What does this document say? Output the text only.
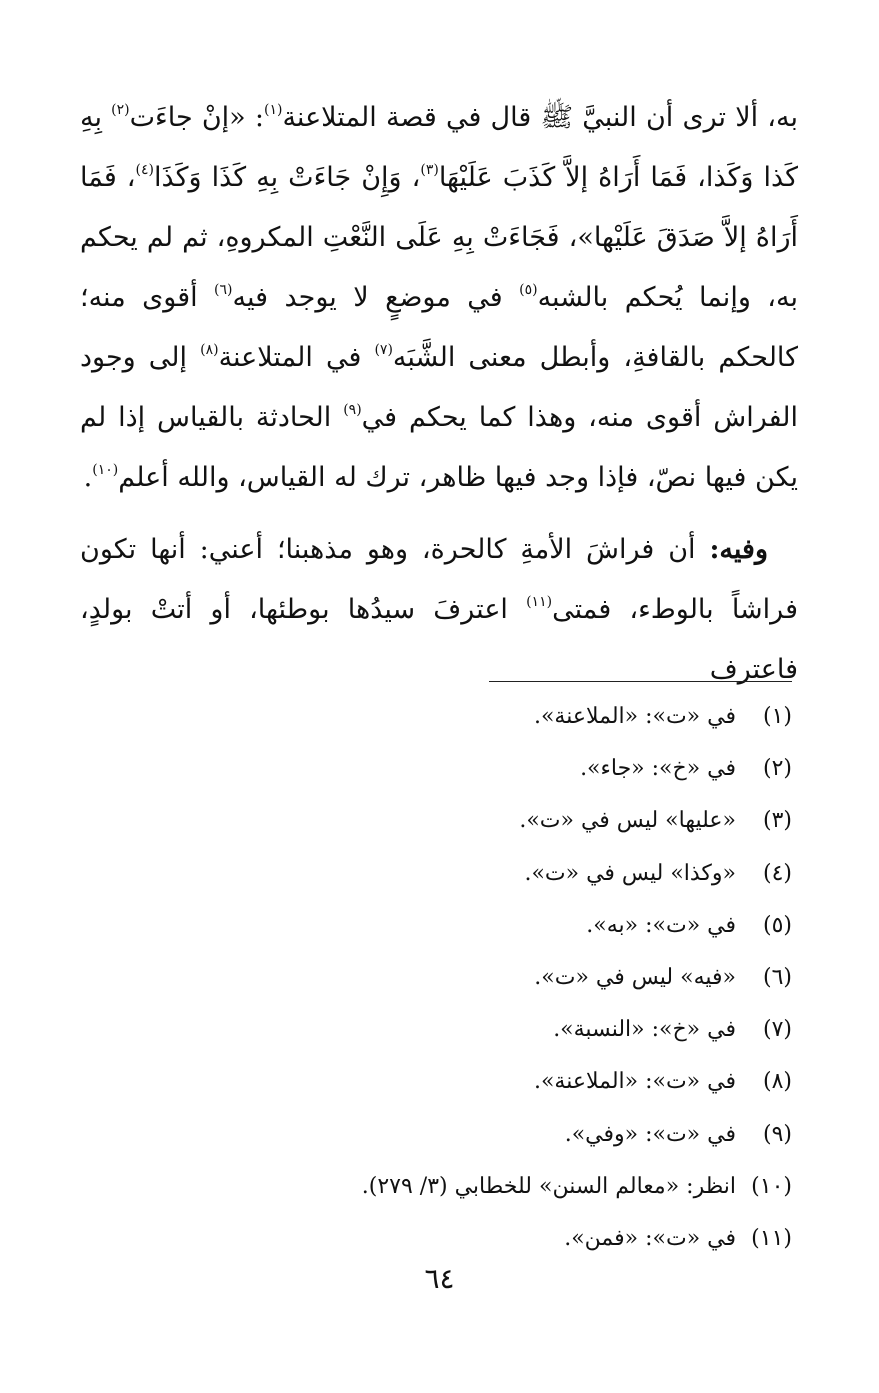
به، ألا ترى أن النبيَّ ﷺ قال في قصة المتلاعنة$^{(١)}$: «إنْ جاءَت$^{(٢)}$ بِهِ كَذا وَكَذا، فَمَا أَرَاهُ إلاَّ كَذَبَ عَلَيْهَا$^{(٣)}$، وَإِنْ جَاءَتْ بِهِ كَذَا وَكَذَا$^{(٤)}$، فَمَا أَرَاهُ إلاَّ صَدَقَ عَلَيْها»، فَجَاءَتْ بِهِ عَلَى النَّعْتِ المكروهِ، ثم لم يحكم به، وإنما يُحكم بالشبه$^{(٥)}$ في موضعٍ لا يوجد فيه$^{(٦)}$ أقوى منه؛ كالحكم بالقافةِ، وأبطل معنى الشَّبَه$^{(٧)}$ في المتلاعنة$^{(٨)}$ إلى وجود الفراش أقوى منه، وهذا كما يحكم في$^{(٩)}$ الحادثة بالقياس إذا لم يكن فيها نصّ، فإذا وجد فيها ظاهر، ترك له القياس، والله أعلم$^{(١٠)}$.

وفيه: أن فراشَ الأمةِ كالحرة، وهو مذهبنا؛ أعني: أنها تكون فراشاً بالوطء، فمتى$^{(١١)}$ اعترفَ سيدُها بوطئها، أو أتتْ بولدٍ، فاعترف

(١)في «ت»: «الملاعنة».
(٢)في «خ»: «جاء».
(٣)«عليها» ليس في «ت».
(٤)«وكذا» ليس في «ت».
(٥)في «ت»: «به».
(٦)«فيه» ليس في «ت».
(٧)في «خ»: «النسبة».
(٨)في «ت»: «الملاعنة».
(٩)في «ت»: «وفي».
(١٠)انظر: «معالم السنن» للخطابي (٣/ ٢٧٩).
(١١)في «ت»: «فمن».
٦٤
